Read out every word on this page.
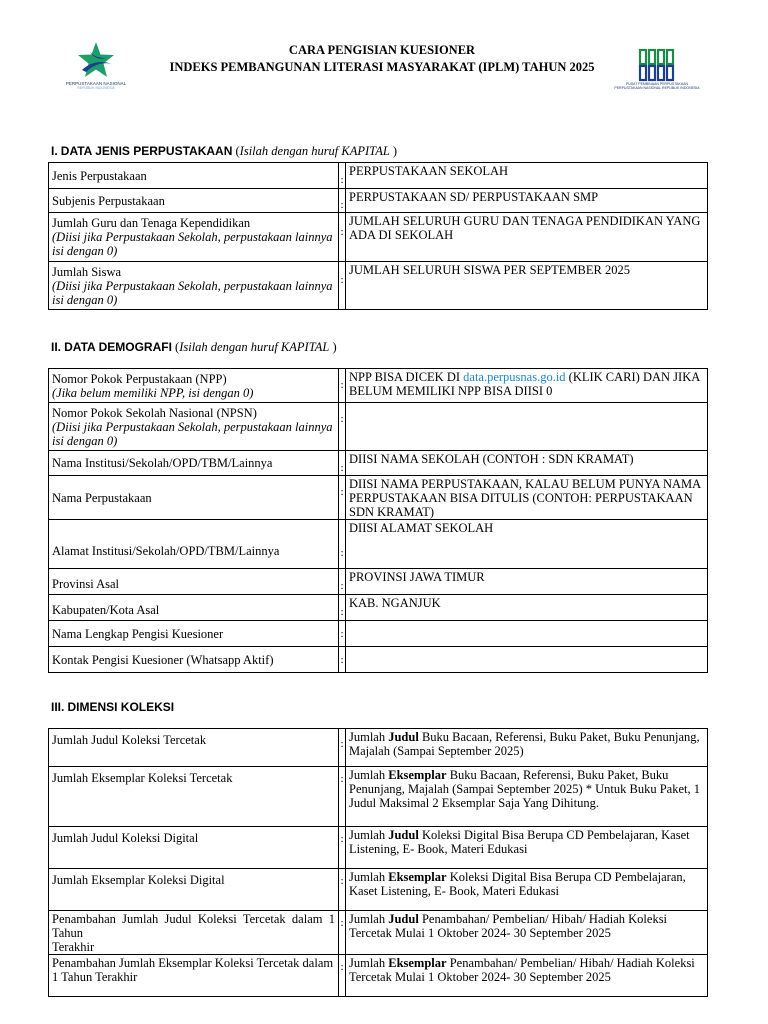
PERPUSTAKAAN NASIONAL
REPUBLIK INDONESIA
CARA PENGISIAN KUESIONER
INDEKS PEMBANGUNAN LITERASI MASYARAKAT (IPLM) TAHUN 2025
PUSAT PEMBINAAN PERPUSTAKAAN
PERPUSTAKAAN NASIONAL REPUBLIK INDONESIA
I. DATA JENIS PERPUSTAKAAN (Isilah dengan huruf KAPITAL )
Jenis Perpustakaan	:	PERPUSTAKAAN SEKOLAH
Subjenis Perpustakaan	:	PERPUSTAKAAN SD/ PERPUSTAKAAN SMP

Jumlah Guru dan Tenaga Kependidikan
(Diisi jika Perpustakaan Sekolah, perpustakaan lainnya isi dengan 0)	:	JUMLAH SELURUH GURU DAN TENAGA PENDIDIKAN YANG ADA DI SEKOLAH

Jumlah Siswa
(Diisi jika Perpustakaan Sekolah, perpustakaan lainnya isi dengan 0)	:	JUMLAH SELURUH SISWA PER SEPTEMBER 2025
II. DATA DEMOGRAFI (Isilah dengan huruf KAPITAL )
Nomor Pokok Perpustakaan (NPP)
(Jika belum memiliki NPP, isi dengan 0)	:	NPP BISA DICEK DI data.perpusnas.go.id (KLIK CARI) DAN JIKA BELUM MEMILIKI NPP BISA DIISI 0

Nomor Pokok Sekolah Nasional (NPSN)
(Diisi jika Perpustakaan Sekolah, perpustakaan lainnya isi dengan 0)	:	
Nama Institusi/Sekolah/OPD/TBM/Lainnya	:	DIISI NAMA SEKOLAH (CONTOH : SDN KRAMAT)
Nama Perpustakaan	:	DIISI NAMA PERPUSTAKAAN, KALAU BELUM PUNYA NAMA PERPUSTAKAAN BISA DITULIS (CONTOH: PERPUSTAKAAN SDN KRAMAT)
Alamat Institusi/Sekolah/OPD/TBM/Lainnya	:	DIISI ALAMAT SEKOLAH
Provinsi Asal	:	PROVINSI JAWA TIMUR
Kabupaten/Kota Asal	:	KAB. NGANJUK
Nama Lengkap Pengisi Kuesioner	:	
Kontak Pengisi Kuesioner (Whatsapp Aktif)	:	
III. DIMENSI KOLEKSI
Jumlah Judul Koleksi Tercetak	:	Jumlah Judul Buku Bacaan, Referensi, Buku Paket, Buku Penunjang, Majalah (Sampai September 2025)
Jumlah Eksemplar Koleksi Tercetak	:	Jumlah Eksemplar Buku Bacaan, Referensi, Buku Paket, Buku Penunjang, Majalah (Sampai September 2025) * Untuk Buku Paket, 1 Judul Maksimal 2 Eksemplar Saja Yang Dihitung.
Jumlah Judul Koleksi Digital	:	Jumlah Judul Koleksi Digital Bisa Berupa CD Pembelajaran, Kaset Listening, E- Book, Materi Edukasi
Jumlah Eksemplar Koleksi Digital	:	Jumlah Eksemplar Koleksi Digital Bisa Berupa CD Pembelajaran, Kaset Listening, E- Book, Materi Edukasi

Penambahan Jumlah Judul Koleksi Tercetak dalam 1 Tahun
Terakhir	:	Jumlah Judul Penambahan/ Pembelian/ Hibah/ Hadiah Koleksi Tercetak Mulai 1 Oktober 2024- 30 September 2025
Penambahan Jumlah Eksemplar Koleksi Tercetak dalam 1 Tahun Terakhir	:	Jumlah Eksemplar Penambahan/ Pembelian/ Hibah/ Hadiah Koleksi Tercetak Mulai 1 Oktober 2024- 30 September 2025
